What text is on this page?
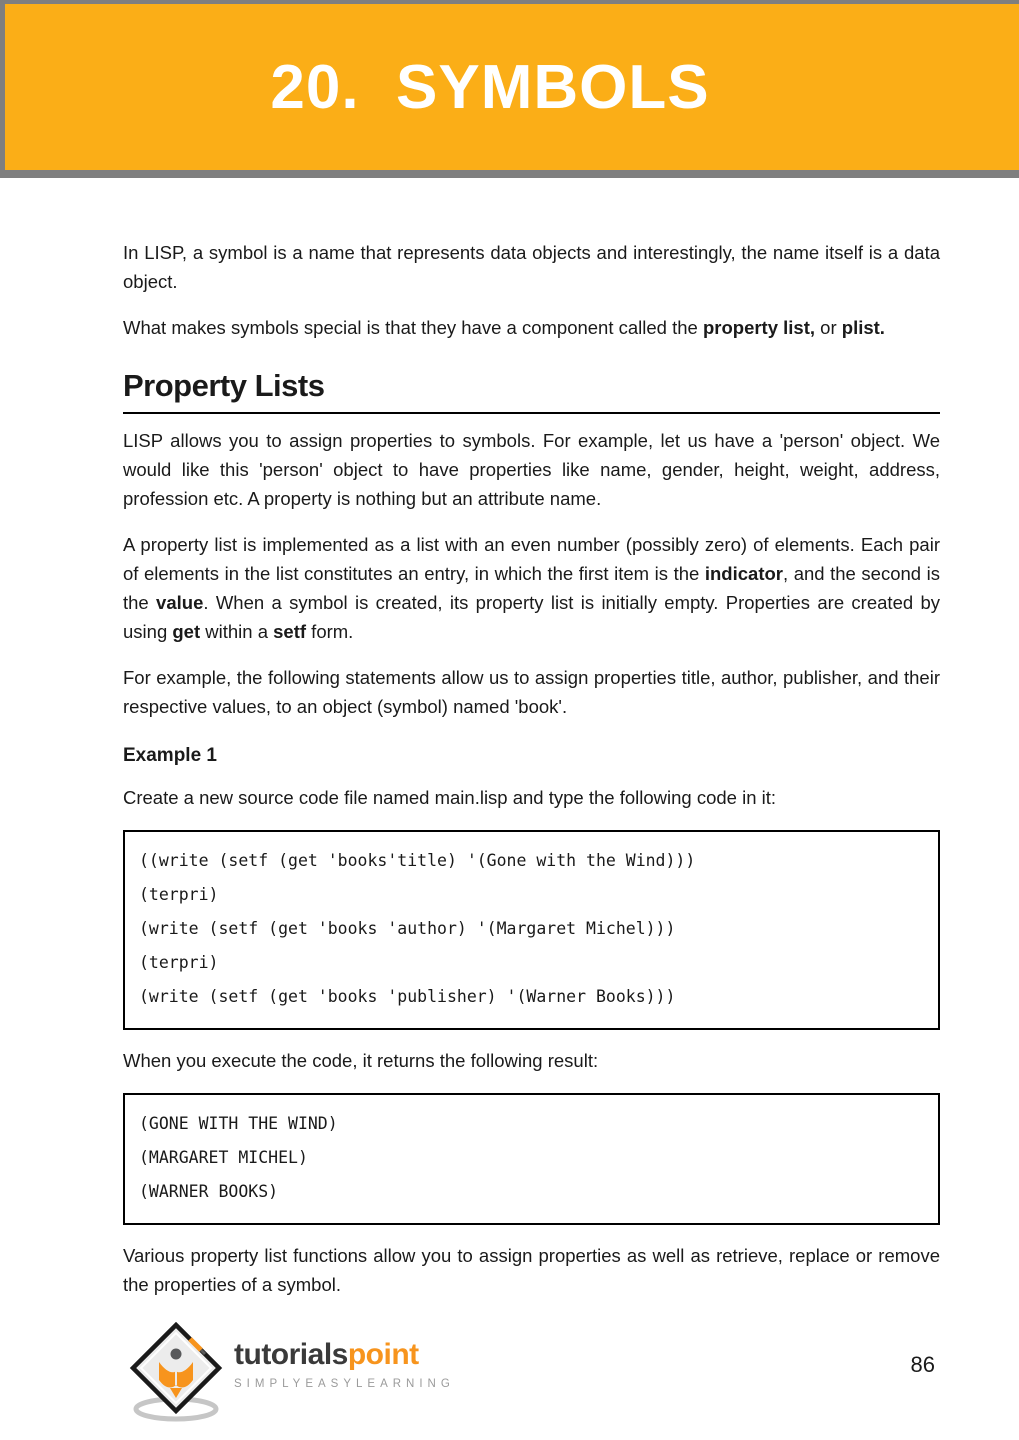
20.  SYMBOLS

In LISP, a symbol is a name that represents data objects and interestingly, the name itself is a data object.

What makes symbols special is that they have a component called the property list, or plist.

Property Lists

LISP allows you to assign properties to symbols. For example, let us have a 'person' object. We would like this 'person' object to have properties like name, gender, height, weight, address, profession etc. A property is nothing but an attribute name.

A property list is implemented as a list with an even number (possibly zero) of elements. Each pair of elements in the list constitutes an entry, in which the first item is the indicator, and the second is the value. When a symbol is created, its property list is initially empty. Properties are created by using get within a setf form.

For example, the following statements allow us to assign properties title, author, publisher, and their respective values, to an object (symbol) named 'book'.

Example 1

Create a new source code file named main.lisp and type the following code in it:

((write (setf (get 'books'title) '(Gone with the Wind)))
(terpri)
(write (setf (get 'books 'author) '(Margaret Michel)))
(terpri)
(write (setf (get 'books 'publisher) '(Warner Books)))

When you execute the code, it returns the following result:

(GONE WITH THE WIND)
(MARGARET MICHEL)
(WARNER BOOKS)

Various property list functions allow you to assign properties as well as retrieve, replace or remove the properties of a symbol.

tutorialspoint
SIMPLYEASYLEARNING
86
